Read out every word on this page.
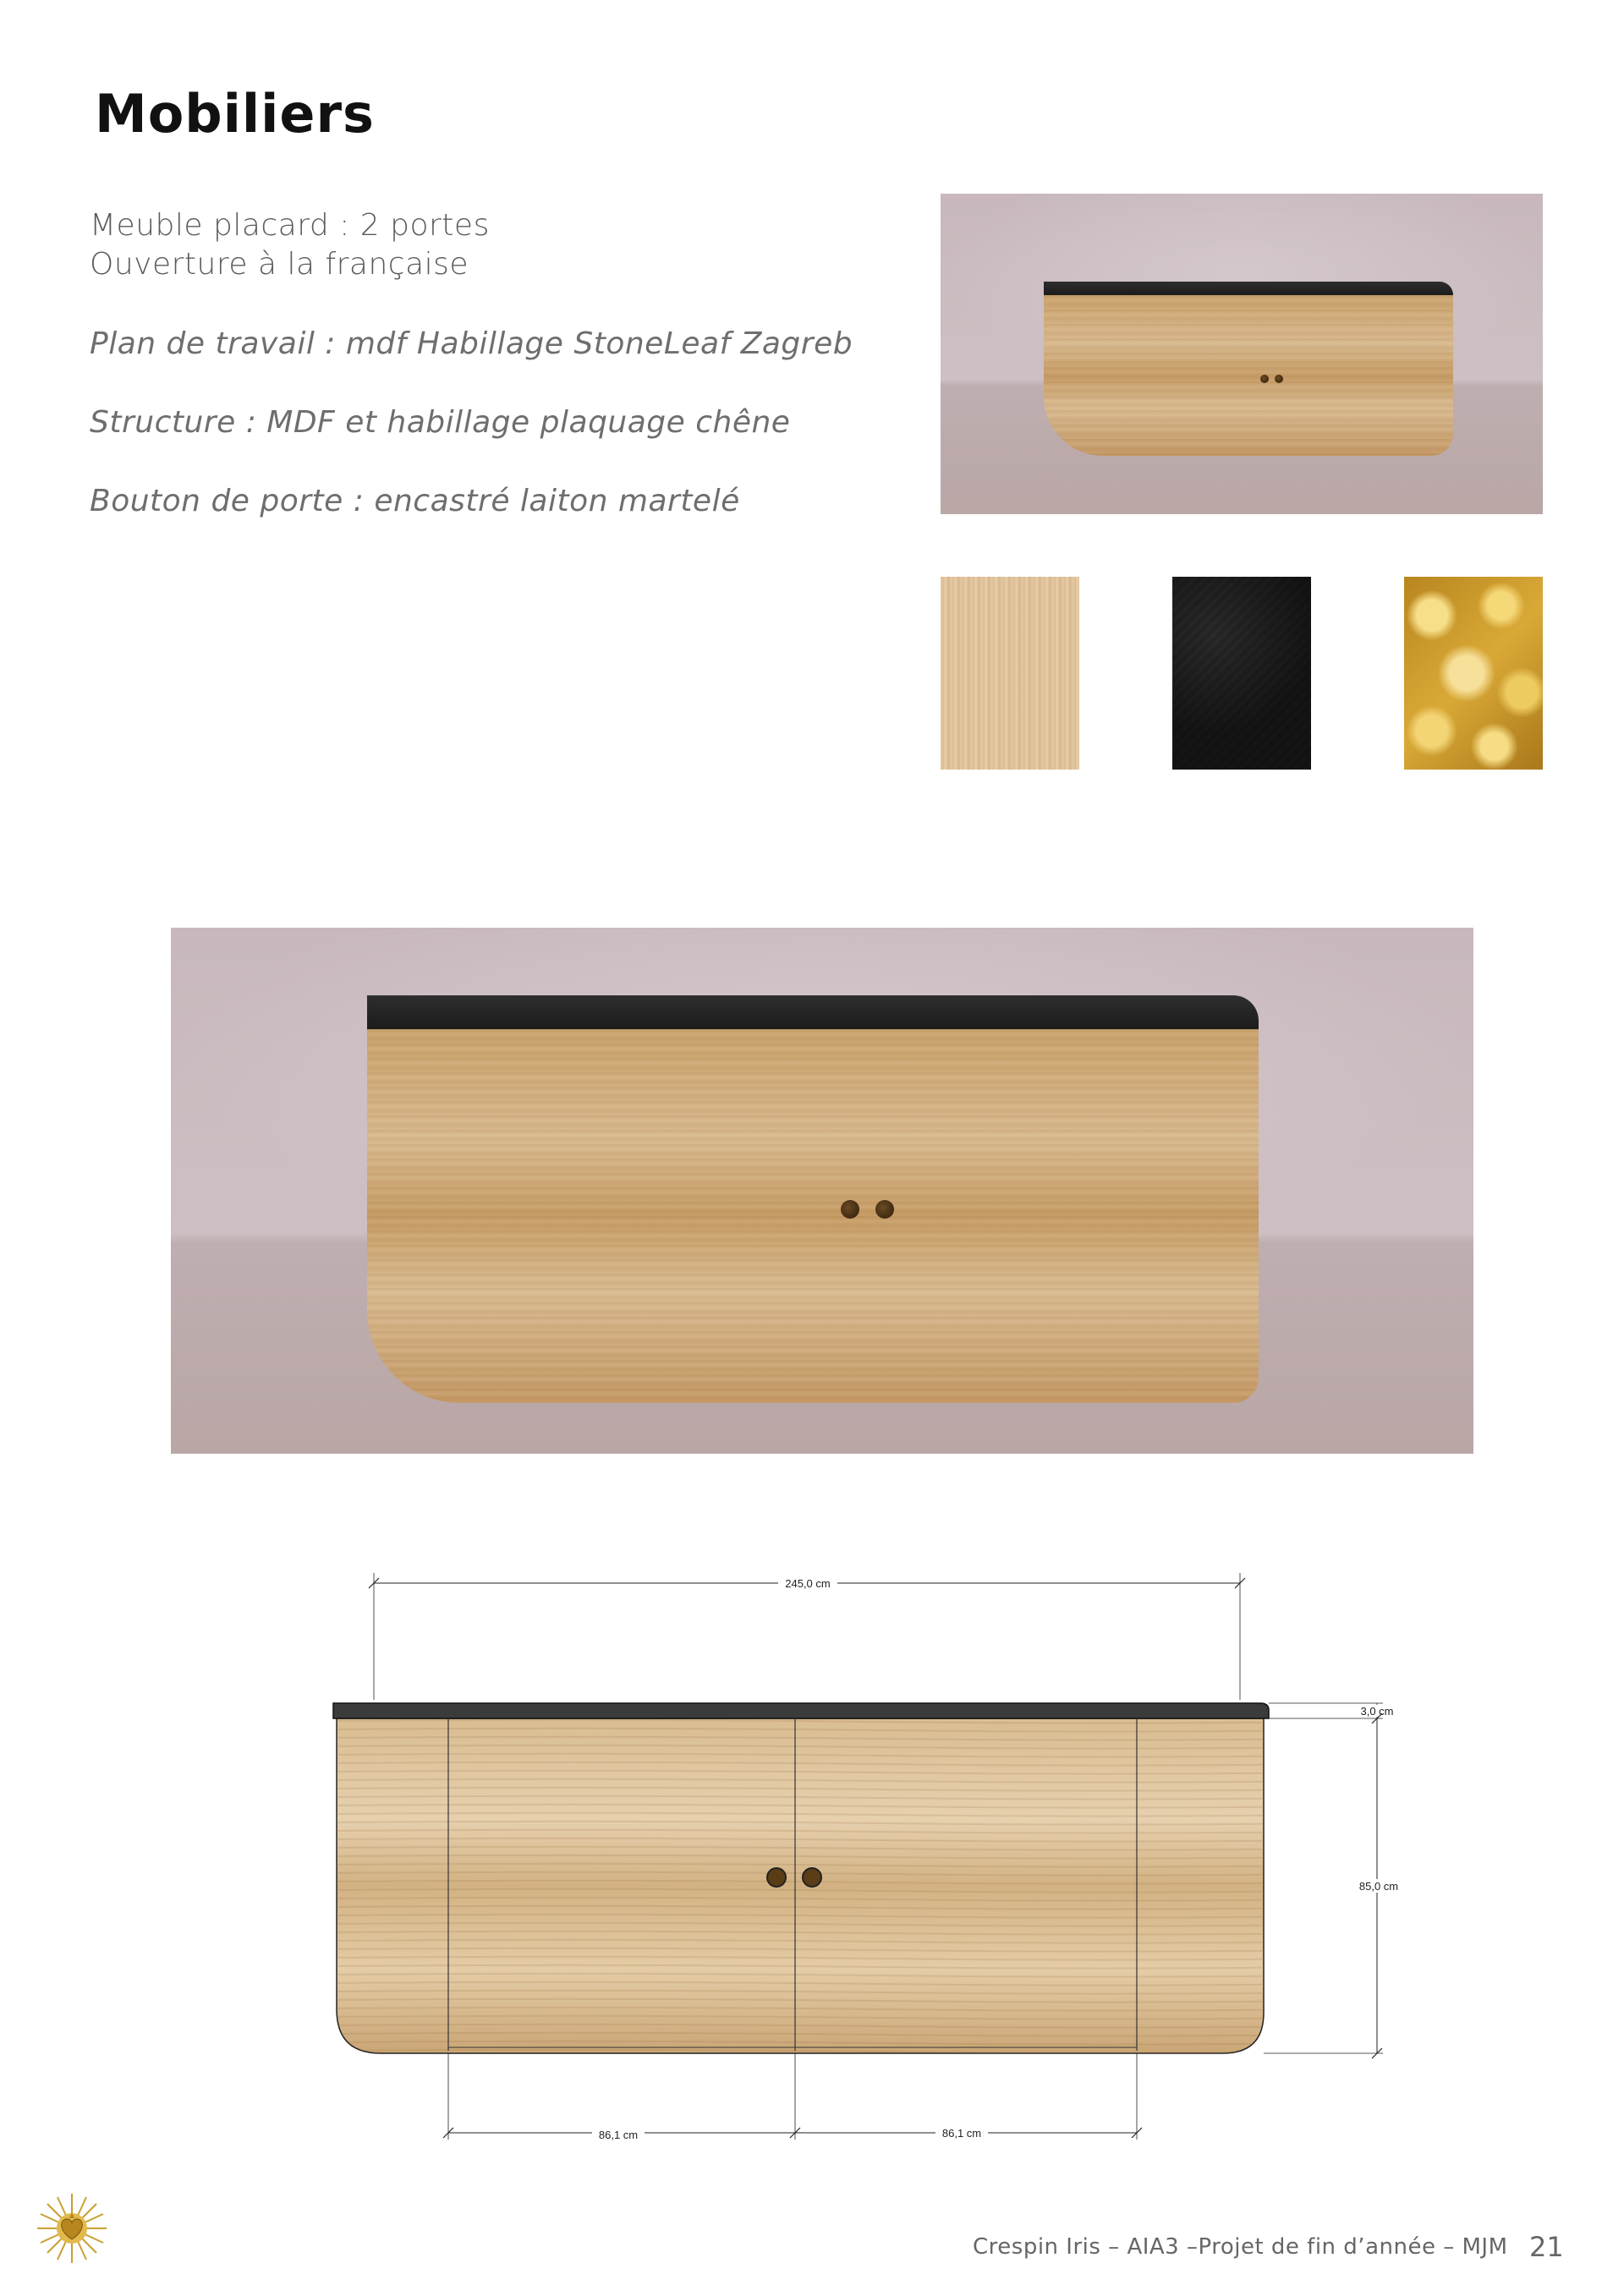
Mobiliers
Meuble placard : 2 portes
Ouverture à la française
Plan de travail : mdf Habillage StoneLeaf Zagreb
Structure : MDF et habillage plaquage chêne
Bouton de porte : encastré laiton martelé
245,0 cm
3,0 cm
85,0 cm
86,1 cm	86,1 cm
Crespin Iris – AIA3 –Projet de fin d’année – MJM 21
